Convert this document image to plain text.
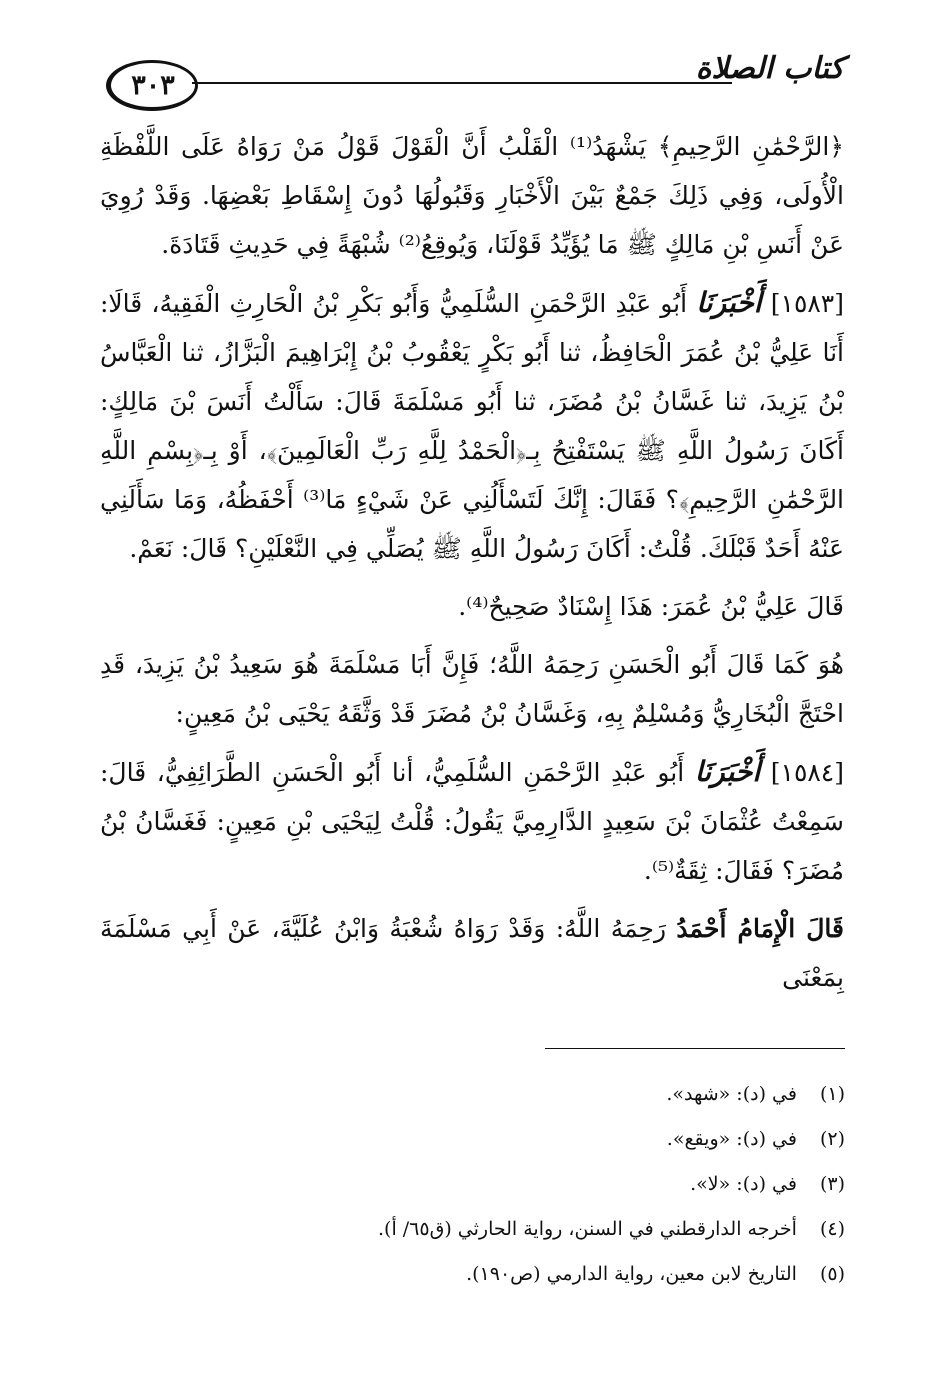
٣٠٣	كتاب الصلاة

﴿الرَّحْمَٰنِ الرَّحِيمِ﴾ يَشْهَدُ⁽¹⁾ الْقَلْبُ أَنَّ الْقَوْلَ قَوْلُ مَنْ رَوَاهُ عَلَى اللَّفْظَةِ الْأُولَى، وَفِي ذَلِكَ جَمْعٌ بَيْنَ الْأَخْبَارِ وَقَبُولُهَا دُونَ إِسْقَاطِ بَعْضِهَا. وَقَدْ رُوِيَ عَنْ أَنَسِ بْنِ مَالِكٍ ﷺ مَا يُؤَيِّدُ قَوْلَنَا، وَيُوقِعُ⁽²⁾ شُبْهَةً فِي حَدِيثِ قَتَادَةَ.

[١٥٨٣] أَخْبَرَنَا أَبُو عَبْدِ الرَّحْمَنِ السُّلَمِيُّ وَأَبُو بَكْرِ بْنُ الْحَارِثِ الْفَقِيهُ، قَالَا: أَنَا عَلِيُّ بْنُ عُمَرَ الْحَافِظُ، ثنا أَبُو بَكْرٍ يَعْقُوبُ بْنُ إِبْرَاهِيمَ الْبَزَّازُ، ثنا الْعَبَّاسُ بْنُ يَزِيدَ، ثنا غَسَّانُ بْنُ مُضَرَ، ثنا أَبُو مَسْلَمَةَ قَالَ: سَأَلْتُ أَنَسَ بْنَ مَالِكٍ: أَكَانَ رَسُولُ اللَّهِ ﷺ يَسْتَفْتِحُ بِـ﴿الْحَمْدُ لِلَّهِ رَبِّ الْعَالَمِينَ﴾، أَوْ بِـ﴿بِسْمِ اللَّهِ الرَّحْمَٰنِ الرَّحِيمِ﴾؟ فَقَالَ: إِنَّكَ لَتَسْأَلُنِي عَنْ شَيْءٍ مَا⁽³⁾ أَحْفَظُهُ، وَمَا سَأَلَنِي عَنْهُ أَحَدٌ قَبْلَكَ. قُلْتُ: أَكَانَ رَسُولُ اللَّهِ ﷺ يُصَلِّي فِي النَّعْلَيْنِ؟ قَالَ: نَعَمْ.

قَالَ عَلِيُّ بْنُ عُمَرَ: هَذَا إِسْنَادٌ صَحِيحٌ⁽⁴⁾.

هُوَ كَمَا قَالَ أَبُو الْحَسَنِ رَحِمَهُ اللَّهُ؛ فَإِنَّ أَبَا مَسْلَمَةَ هُوَ سَعِيدُ بْنُ يَزِيدَ، قَدِ احْتَجَّ الْبُخَارِيُّ وَمُسْلِمٌ بِهِ، وَغَسَّانُ بْنُ مُضَرَ قَدْ وَثَّقَهُ يَحْيَى بْنُ مَعِينٍ:

[١٥٨٤] أَخْبَرَنَا أَبُو عَبْدِ الرَّحْمَنِ السُّلَمِيُّ، أنا أَبُو الْحَسَنِ الطَّرَائِفِيُّ، قَالَ: سَمِعْتُ عُثْمَانَ بْنَ سَعِيدٍ الدَّارِمِيَّ يَقُولُ: قُلْتُ لِيَحْيَى بْنِ مَعِينٍ: فَغَسَّانُ بْنُ مُضَرَ؟ فَقَالَ: ثِقَةٌ⁽⁵⁾.

قَالَ الْإِمَامُ أَحْمَدُ رَحِمَهُ اللَّهُ: وَقَدْ رَوَاهُ شُعْبَةُ وَابْنُ عُلَيَّةَ، عَنْ أَبِي مَسْلَمَةَ بِمَعْنَى

(١) في (د): «شهد».

(٢) في (د): «ويقع».

(٣) في (د): «لا».

(٤) أخرجه الدارقطني في السنن، رواية الحارثي (ق٦٥/ أ).

(٥) التاريخ لابن معين، رواية الدارمي (ص١٩٠).
